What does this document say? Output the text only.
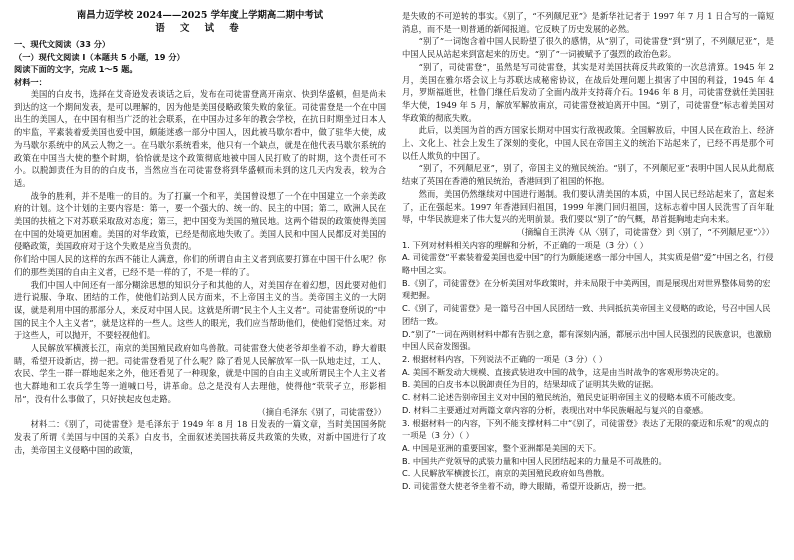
南昌力迈学校 2024——2025 学年度上学期高二期中考试
语 文 试 卷
一、现代文阅读（33 分）
（一）现代文阅读 I（本题共 5 小题，19 分）
阅读下面的文字，完成 1～5 题。
材料一：

美国的白皮书，选择在艾奇逊发表谈话之后，发布在司徒雷登离开南京、快到华盛顿，但是尚未到达的这一个期间发表，是可以理解的，因为他是美国侵略政策失败的象征。司徒雷登是一个在中国出生的美国人，在中国有相当广泛的社会联系，在中国办过多年的教会学校，在抗日时期坐过日本人的牢监，平素装着爱美国也爱中国，颇能迷惑一部分中国人，因此被马歇尔看中，做了驻华大使，成为马歇尔系统中的风云人物之一。在马歇尔系统看来，他只有一个缺点，就是在他代表马歇尔系统的政策在中国当大使的整个时期，恰恰就是这个政策彻底地被中国人民打败了的时期，这个责任可不小。以脱卸责任为目的的白皮书，当然应当在司徒雷登将到华盛顿而未到的这几天内发表，较为合适。

战争的胜利，并不是唯一的目的。为了打赢一个和平，美国曾设想了一个在中国建立一个亲美政府的计划。这个计划的主要内容是：第一，要一个强大的、统一的、民主的中国；第二，欧洲人民在美国的扶植之下对苏联采取敌对态度；第三，把中国变为美国的殖民地。这两个错误的政策使得美国在中国的处境更加困难。美国的对华政策，已经是彻底地失败了。美国人民和中国人民都反对美国的侵略政策，美国政府对于这个失败是应当负责的。

你们给中国人民的这样的东西不能让人满意，你们的所谓自由主义者到底要打算在中国干什么呢？你们的那些美国的自由主义者，已经不是一样的了，不是一样的了。

我们中国人中间还有一部分糊涂思想的知识分子和其他的人，对美国存在着幻想，因此要对他们进行说服、争取、团结的工作，使他们站到人民方面来，不上帝国主义的当。美帝国主义的一大阴谋，就是利用中国的那部分人，来反对中国人民。这就是所谓“民主个人主义者”。司徒雷登所说的“中国的民主个人主义者”，就是这样的一些人。这些人的眼光，我们应当帮助他们，使他们觉悟过来。对于这些人，可以抛开，不要轻视他们。

人民解放军横渡长江，南京的美国殖民政府如鸟兽散。司徒雷登大使老爷却坐着不动，睁大着眼睛，希望开设新店，捞一把。司徒雷登看见了什么呢？除了看见人民解放军一队一队地走过，工人、农民、学生一群一群地起来之外，他还看见了一种现象，就是中国的自由主义或所谓民主个人主义者也大群地和工农兵学生等一道喊口号，讲革命。总之是没有人去理他，使得他“茕茕孑立，形影相吊”，没有什么事做了，只好挟起皮包走路。

（摘自毛泽东《别了，司徒雷登》）

材料二：《别了，司徒雷登》是毛泽东于 1949 年 8 月 18 日发表的一篇文章，当时美国国务院发表了所谓《美国与中国的关系》白皮书，全面叙述美国扶蒋反共政策的失败，对新中国进行了攻击，美帝国主义侵略中国的政策，

是失败的不可逆转的事实。《别了，“不列颠尼亚”》是新华社记者于 1997 年 7 月 1 日合写的一篇短消息，而不是一则普通的新闻报道。它反映了历史发展的必然。

“别了”一词饱含着中国人民盼望了很久的感情，从“别了，司徒雷登”到“别了，不列颠尼亚”，是中国人民从站起来到富起来的历史。“别了”一词被赋予了强烈的政治色彩。

“别了，司徒雷登”，虽然是写司徒雷登，其实是对美国扶蒋反共政策的一次总清算。1945 年 2 月，美国在雅尔塔会议上与苏联达成秘密协议，在战后处理问题上损害了中国的利益，1945 年 4 月，罗斯福逝世，杜鲁门继任后发动了全面内战并支持蒋介石。1946 年 8 月，司徒雷登就任美国驻华大使，1949 年 5 月，解放军解放南京，司徒雷登被迫离开中国。“别了，司徒雷登”标志着美国对华政策的彻底失败。

此后，以美国为首的西方国家长期对中国实行敌视政策。全国解放后，中国人民在政治上、经济上、文化上、社会上发生了深刻的变化，中国人民在帝国主义的统治下站起来了，已经不再是那个可以任人欺负的中国了。

“别了，不列颠尼亚”，别了，帝国主义的殖民统治。“别了，不列颠尼亚”表明中国人民从此彻底结束了英国在香港的殖民统治，香港回到了祖国的怀抱。

然而，美国仍然继续对中国进行遏制。我们要认清美国的本质，中国人民已经站起来了，富起来了，正在强起来。1997 年香港回归祖国，1999 年澳门回归祖国，这标志着中国人民洗雪了百年耻辱，中华民族迎来了伟大复兴的光明前景。我们要以“别了”的气概，昂首挺胸地走向未来。

（摘编自王洪涛《从〈别了，司徒雷登〉到〈别了，“不列颠尼亚”〉》）

1. 下列对材料相关内容的理解和分析，不正确的一项是（3 分）（ ）

A. 司徒雷登“平素装着爱美国也爱中国”的行为颇能迷惑一部分中国人，其实质是借“爱”中国之名，行侵略中国之实。

B.《别了，司徒雷登》在分析美国对华政策时，并未局限于中美两国，而是展现出对世界整体局势的宏观把握。

C.《别了，司徒雷登》是一篇号召中国人民团结一致、共同抵抗美帝国主义侵略的政论，号召中国人民团结一致。

D.“别了”一词在两则材料中都有告别之意，都有深刻内涵，都展示出中国人民强烈的民族意识，也激励中国人民奋发图强。

2. 根据材料内容，下列说法不正确的一项是（3 分）（ ）

A. 美国不断发动大规模、直接武装进攻中国的战争，这是由当时战争的客观形势决定的。

B. 美国的白皮书本以脱卸责任为目的，结果却成了证明其失败的证据。

C. 材料二论述告别帝国主义对中国的殖民统治，殖民史证明帝国主义的侵略本质不可能改变。

D. 材料二主要通过对两篇文章内容的分析，表现出对中华民族崛起与复兴的自豪感。

3. 根据材料一的内容，下列不能支撑材料二中“《别了，司徒雷登》表达了无限的豪迈和乐观”的观点的一项是（3 分）（ ）

A. 中国是亚洲的重要国家，整个亚洲都是美国的天下。

B. 中国共产党领导的武装力量和中国人民团结起来的力量是不可战胜的。

C. 人民解放军横渡长江，南京的美国殖民政府如鸟兽散。

D. 司徒雷登大使老爷坐着不动，睁大眼睛，希望开设新店，捞一把。
